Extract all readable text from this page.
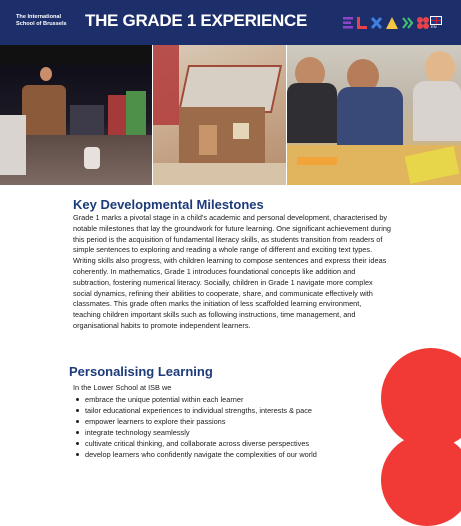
The International
School of Brussels	THE GRADE 1 EXPERIENCE	EN
Key Developmental Milestones

Grade 1 marks a pivotal stage in a child's academic and personal development, characterised by notable milestones that lay the groundwork for future learning. One significant achievement during this period is the acquisition of fundamental literacy skills, as students transition from readers of simple sentences to exploring and reading a whole range of different and exciting text types. Writing skills also progress, with children learning to compose sentences and express their ideas coherently. In mathematics, Grade 1 introduces foundational concepts like addition and subtraction, fostering numerical literacy. Socially, children in Grade 1 navigate more complex social dynamics, refining their abilities to cooperate, share, and communicate effectively with classmates. This grade often marks the initiation of less scaffolded learning environment, teaching children important skills such as following instructions, time management, and organisational habits to promote independent learners.

Personalising Learning
In the Lower School at ISB we
embrace the unique potential within each learner
tailor educational experiences to individual strengths, interests & pace
empower learners to explore their passions
integrate technology seamlessly
cultivate critical thinking, and collaborate across diverse perspectives
develop learners who confidently navigate the complexities of our world
